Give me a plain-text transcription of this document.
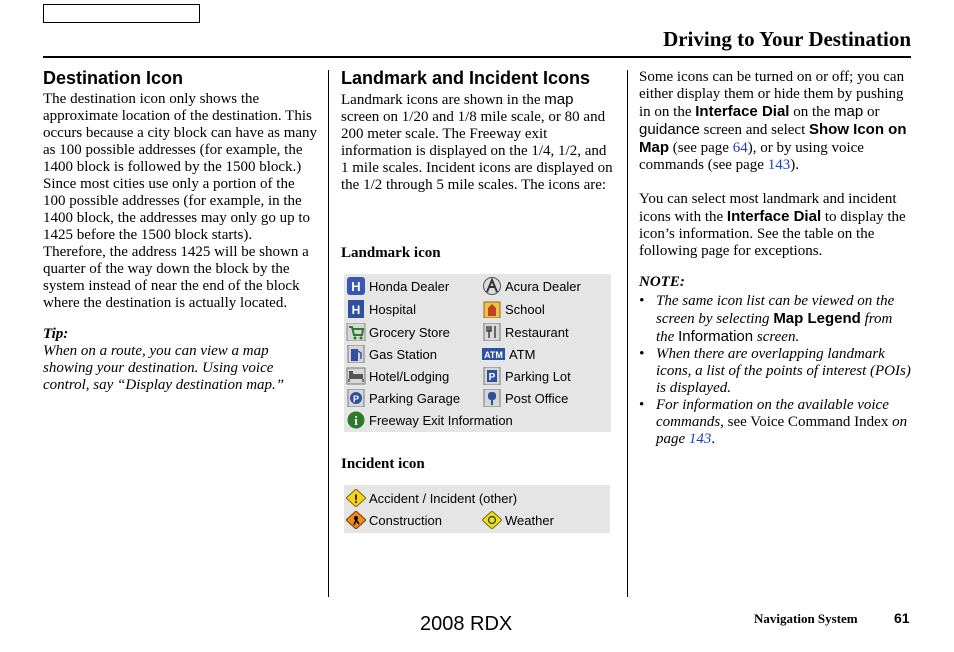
Driving to Your Destination
Destination Icon

The destination icon only shows the approximate location of the destination. This occurs because a city block can have as many as 100 possible addresses (for example, the 1400 block is followed by the 1500 block.) Since most cities use only a portion of the 100 possible addresses (for example, in the 1400 block, the addresses may only go up to 1425 before the 1500 block starts). Therefore, the address 1425 will be shown a quarter of the way down the block by the system instead of near the end of the block where the destination is actually located.

Tip:
When on a route, you can view a map showing your destination. Using voice control, say “Display destination map.”
Landmark and Incident Icons

Landmark icons are shown in the map screen on 1/20 and 1/8 mile scale, or 80 and 200 meter scale. The Freeway exit information is displayed on the 1/4, 1/2, and 1 mile scales. Incident icons are displayed on the 1/2 through 5 mile scales. The icons are:

Landmark icon
H Honda Dealer	Acura Dealer
H Hospital	School
Grocery Store	Restaurant
Gas Station	ATM ATM
Hotel/Lodging	P Parking Lot
P Parking Garage	Post Office
i Freeway Exit Information
Incident icon
! Accident / Incident (other)
Construction	Weather

Some icons can be turned on or off; you can either display them or hide them by pushing in on the Interface Dial on the map or guidance screen and select Show Icon on Map (see page 64), or by using voice commands (see page 143).

You can select most landmark and incident icons with the Interface Dial to display the icon’s information. See the table on the following page for exceptions.

NOTE:
• The same icon list can be viewed on the screen by selecting Map Legend from the Information screen.
• When there are overlapping landmark icons, a list of the points of interest (POIs) is displayed.
• For information on the available voice commands, see Voice Command Index on page 143.
2008 RDX	Navigation System	61
